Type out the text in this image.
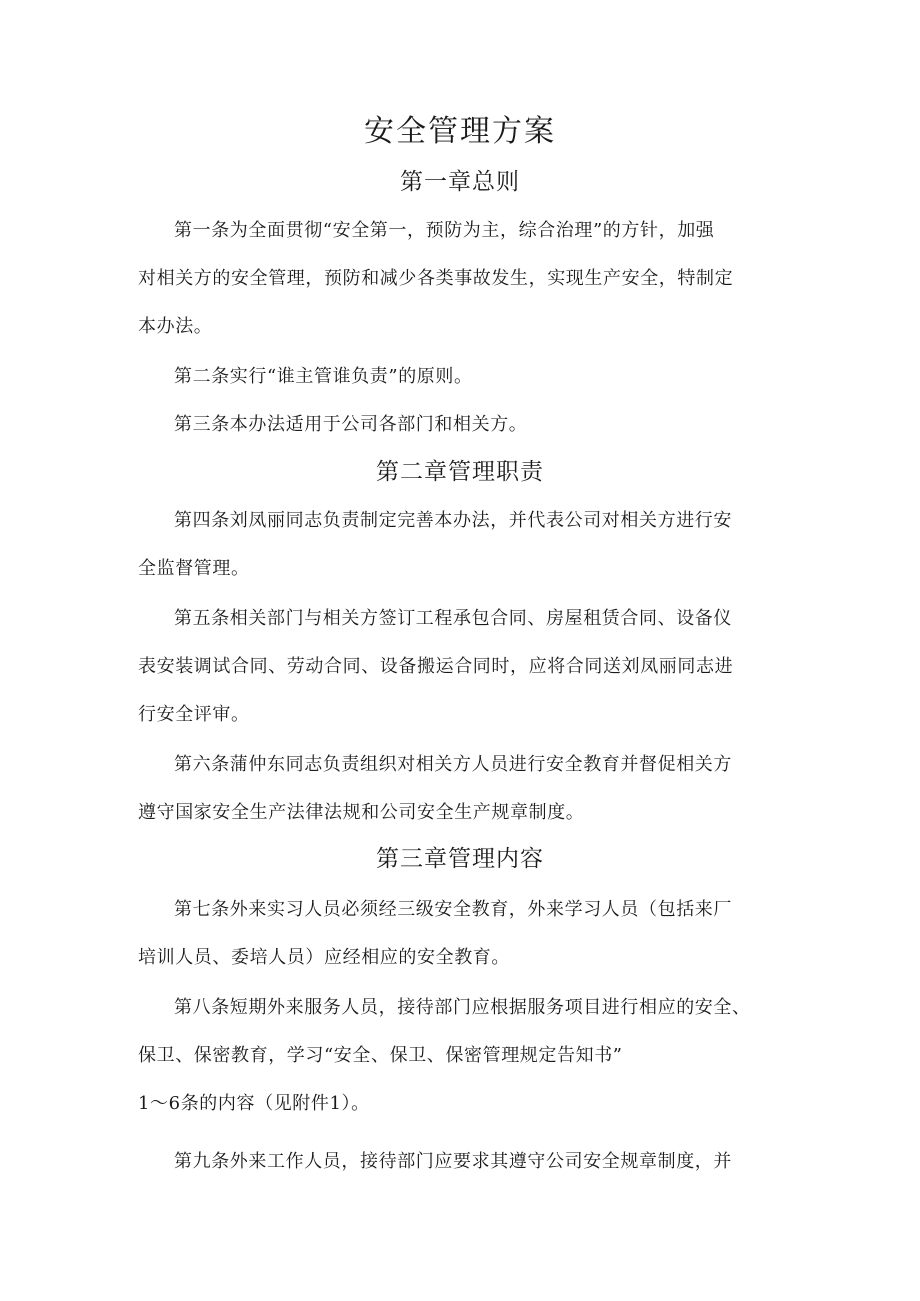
安全管理方案
第一章总则
第一条为全面贯彻“安全第一，预防为主，综合治理”的方针，加强
对相关方的安全管理，预防和减少各类事故发生，实现生产安全，特制定
本办法。
第二条实行“谁主管谁负责”的原则。
第三条本办法适用于公司各部门和相关方。
第二章管理职责
第四条刘凤丽同志负责制定完善本办法，并代表公司对相关方进行安
全监督管理。
第五条相关部门与相关方签订工程承包合同、房屋租赁合同、设备仪
表安装调试合同、劳动合同、设备搬运合同时，应将合同送刘凤丽同志进
行安全评审。
第六条蒲仲东同志负责组织对相关方人员进行安全教育并督促相关方
遵守国家安全生产法律法规和公司安全生产规章制度。
第三章管理内容
第七条外来实习人员必须经三级安全教育，外来学习人员（包括来厂
培训人员、委培人员）应经相应的安全教育。
第八条短期外来服务人员，接待部门应根据服务项目进行相应的安全、
保卫、保密教育，学习“安全、保卫、保密管理规定告知书”
1～6条的内容（见附件1）。
第九条外来工作人员，接待部门应要求其遵守公司安全规章制度，并
